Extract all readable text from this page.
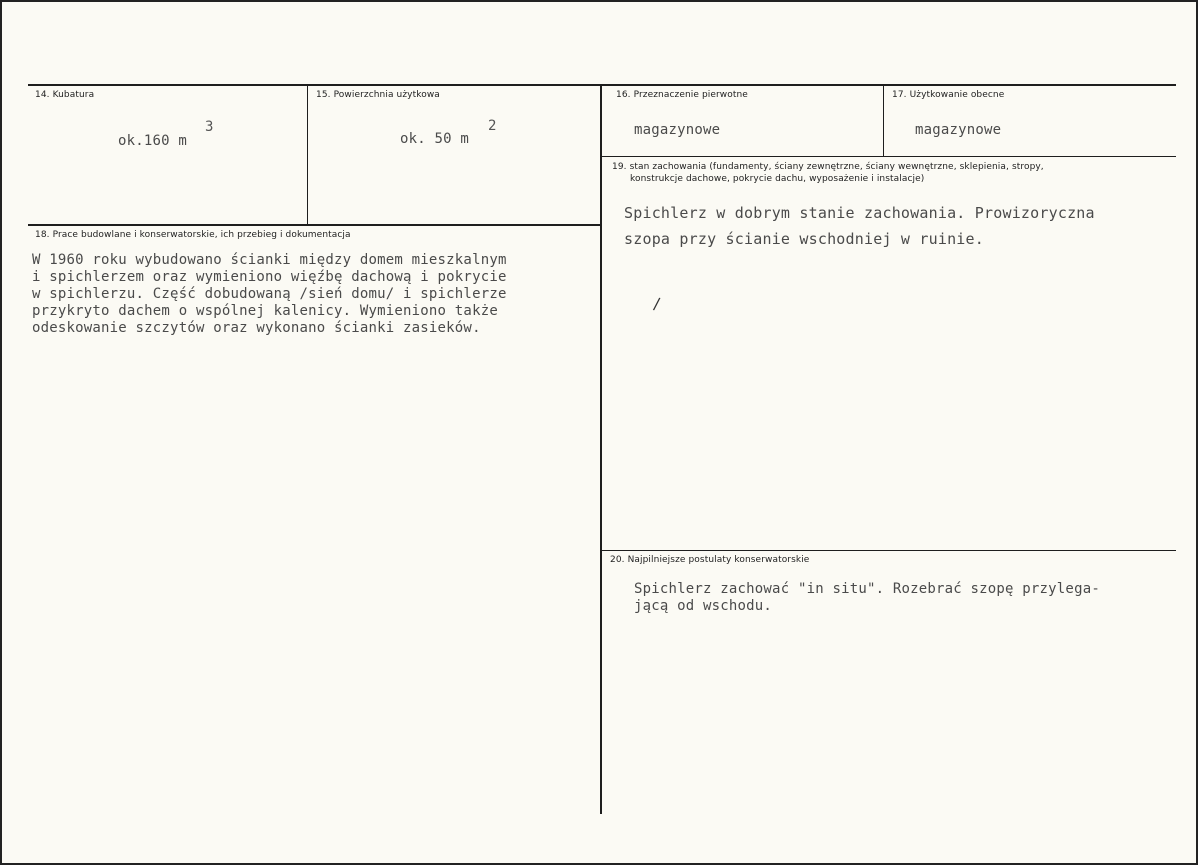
14. Kubatura
ok.160 m
3
15. Powierzchnia użytkowa
ok. 50 m
2
16. Przeznaczenie pierwotne
magazynowe
17. Użytkowanie obecne
magazynowe
19. stan zachowania (fundamenty, ściany zewnętrzne, ściany wewnętrzne, sklepienia, stropy,
konstrukcje dachowe, pokrycie dachu, wyposażenie i instalacje)
Spichlerz w dobrym stanie zachowania. Prowizoryczna
szopa przy ścianie wschodniej w ruinie.
/
18. Prace budowlane i konserwatorskie, ich przebieg i dokumentacja
W 1960 roku wybudowano ścianki między domem mieszkalnym
i spichlerzem oraz wymieniono więźbę dachową i pokrycie
w spichlerzu. Część dobudowaną /sień domu/ i spichlerze
przykryto dachem o wspólnej kalenicy. Wymieniono także
odeskowanie szczytów oraz wykonano ścianki zasieków.
20. Najpilniejsze postulaty konserwatorskie
Spichlerz zachować "in situ". Rozebrać szopę przylega-
jącą od wschodu.
